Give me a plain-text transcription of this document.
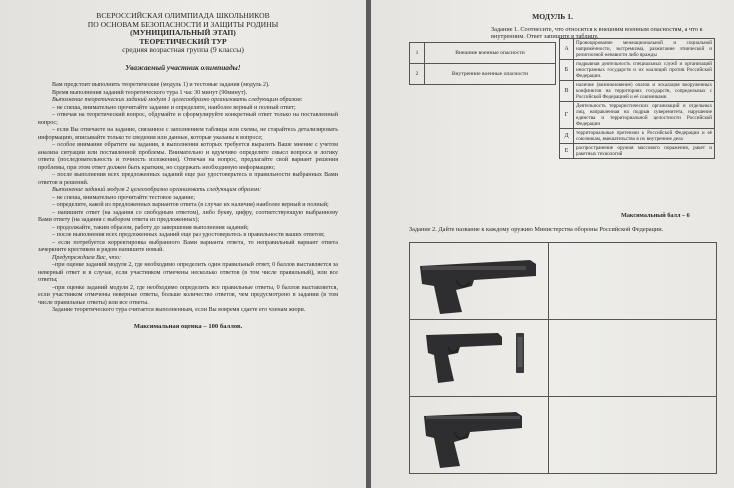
ВСЕРОССИЙСКАЯ ОЛИМПИАДА ШКОЛЬНИКОВ
ПО ОСНОВАМ БЕЗОПАСНОСТИ И ЗАЩИТЫ РОДИНЫ
(МУНИЦИПАЛЬНЫЙ ЭТАП)
ТЕОРЕТИЧЕСКИЙ ТУР
средняя возрастная группа (9 классы)
Уважаемый участник олимпиады!

Вам предстоит выполнить теоретические (модуль 1) и тестовые задания (модуль 2).

Время выполнения заданий теоретического тура 1 час 30 минут (90минут).

Выполнение теоретических заданий модуля 1 целесообразно организовать следующим образом:

– не спеша, внимательно прочитайте задание и определите, наиболее верный и полный ответ;

– отвечая на теоретический вопрос, обдумайте и сформулируйте конкретный ответ только на поставленный вопрос;

– если Вы отвечаете на задание, связанное с заполнением таблицы или схемы, не старайтесь детализировать информацию, вписывайте только те сведения или данные, которые указаны в вопросе;

– особое внимание обратите на задания, в выполнении которых требуется выразить Ваше мнение с учетом анализа ситуации или поставленной проблемы. Внимательно и вдумчиво определите смысл вопроса и логику ответа (последовательность и точность изложения). Отвечая на вопрос, предлагайте свой вариант решения проблемы, при этом ответ должен быть кратким, но содержать необходимую информацию;

– после выполнения всех предложенных заданий еще раз удостоверьтесь в правильности выбранных Вами ответов и решений.

Выполнение заданий модуля 2 целесообразно организовать следующим образом:

– не спеша, внимательно прочитайте тестовое задание;

– определите, какой из предложенных вариантов ответа (в случае их наличия) наиболее верный и полный;

– напишите ответ (на задания со свободным ответом), либо букву, цифру, соответствующую выбранному Вами ответу (на задания с выбором ответа из предложенных);

– продолжайте, таким образом, работу до завершения выполнения заданий;

– после выполнения всех предложенных заданий еще раз удостоверьтесь в правильности ваших ответов;

– если потребуется корректировка выбранного Вами варианта ответа, то неправильный вариант ответа зачеркните крестиком и рядом напишите новый.

Предупреждаем Вас, что:

–при оценке заданий модуля 2, где необходимо определить один правильный ответ, 0 баллов выставляется за неверный ответ и в случае, если участником отмечены несколько ответов (в том числе правильный), или все ответы;

–при оценке заданий модуля 2, где необходимо определить все правильные ответы, 0 баллов выставляется, если участником отмечены неверные ответы, больше количество ответов, чем предусмотрено в задании (в том числе правильные ответы) или все ответы.

Задание теоретического тура считается выполненным, если Вы вовремя сдаете его членам жюри.

Максимальная оценка – 100 баллов.
МОДУЛЬ 1.
Задание 1. Соотнесите, что относится к внешним военным опасностям, а что к внутренним. Ответ запишите в таблицу.
1	Внешние военные опасности
2	Внутренние военные опасности
А	Провоцирование межнациональной и социальной напряжённости, экстремизма, разжигание этнической и религиозной ненависти либо вражды
Б	подрывная деятельность специальных служб и организаций иностранных государств и их коалиций против Российской Федерации.
В	наличие (возникновение) очагов и эскалация вооруженных конфликтов на территориях государств, сопредельных с Российской Федерацией и её союзниками
Г	Деятельность террористических организаций и отдельных лиц, направленная на подрыв суверенитета, нарушение единства и территориальной целостности Российской Федерации
Д	территориальные претензии к Российской Федерации и её союзникам, вмешательство в их внутренние дела
Е	распространение оружия массового поражения, ракет и ракетных технологий
Максимальный балл – 6
Задание 2. Дайте название к каждому оружию Министерства обороны Российской Федерации.
